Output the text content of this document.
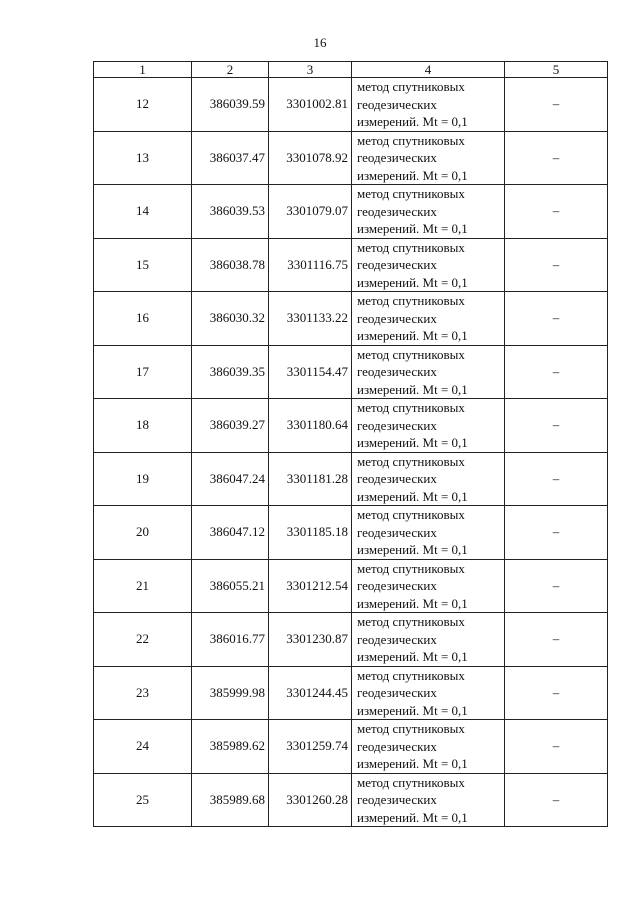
16
1	2	3	4	5
12	386039.59	3301002.81	метод спутниковых
геодезических
измерений. Mt = 0,1	–
13	386037.47	3301078.92	метод спутниковых
геодезических
измерений. Mt = 0,1	–
14	386039.53	3301079.07	метод спутниковых
геодезических
измерений. Mt = 0,1	–
15	386038.78	3301116.75	метод спутниковых
геодезических
измерений. Mt = 0,1	–
16	386030.32	3301133.22	метод спутниковых
геодезических
измерений. Mt = 0,1	–
17	386039.35	3301154.47	метод спутниковых
геодезических
измерений. Mt = 0,1	–
18	386039.27	3301180.64	метод спутниковых
геодезических
измерений. Mt = 0,1	–
19	386047.24	3301181.28	метод спутниковых
геодезических
измерений. Mt = 0,1	–
20	386047.12	3301185.18	метод спутниковых
геодезических
измерений. Mt = 0,1	–
21	386055.21	3301212.54	метод спутниковых
геодезических
измерений. Mt = 0,1	–
22	386016.77	3301230.87	метод спутниковых
геодезических
измерений. Mt = 0,1	–
23	385999.98	3301244.45	метод спутниковых
геодезических
измерений. Mt = 0,1	–
24	385989.62	3301259.74	метод спутниковых
геодезических
измерений. Mt = 0,1	–
25	385989.68	3301260.28	метод спутниковых
геодезических
измерений. Mt = 0,1	–
